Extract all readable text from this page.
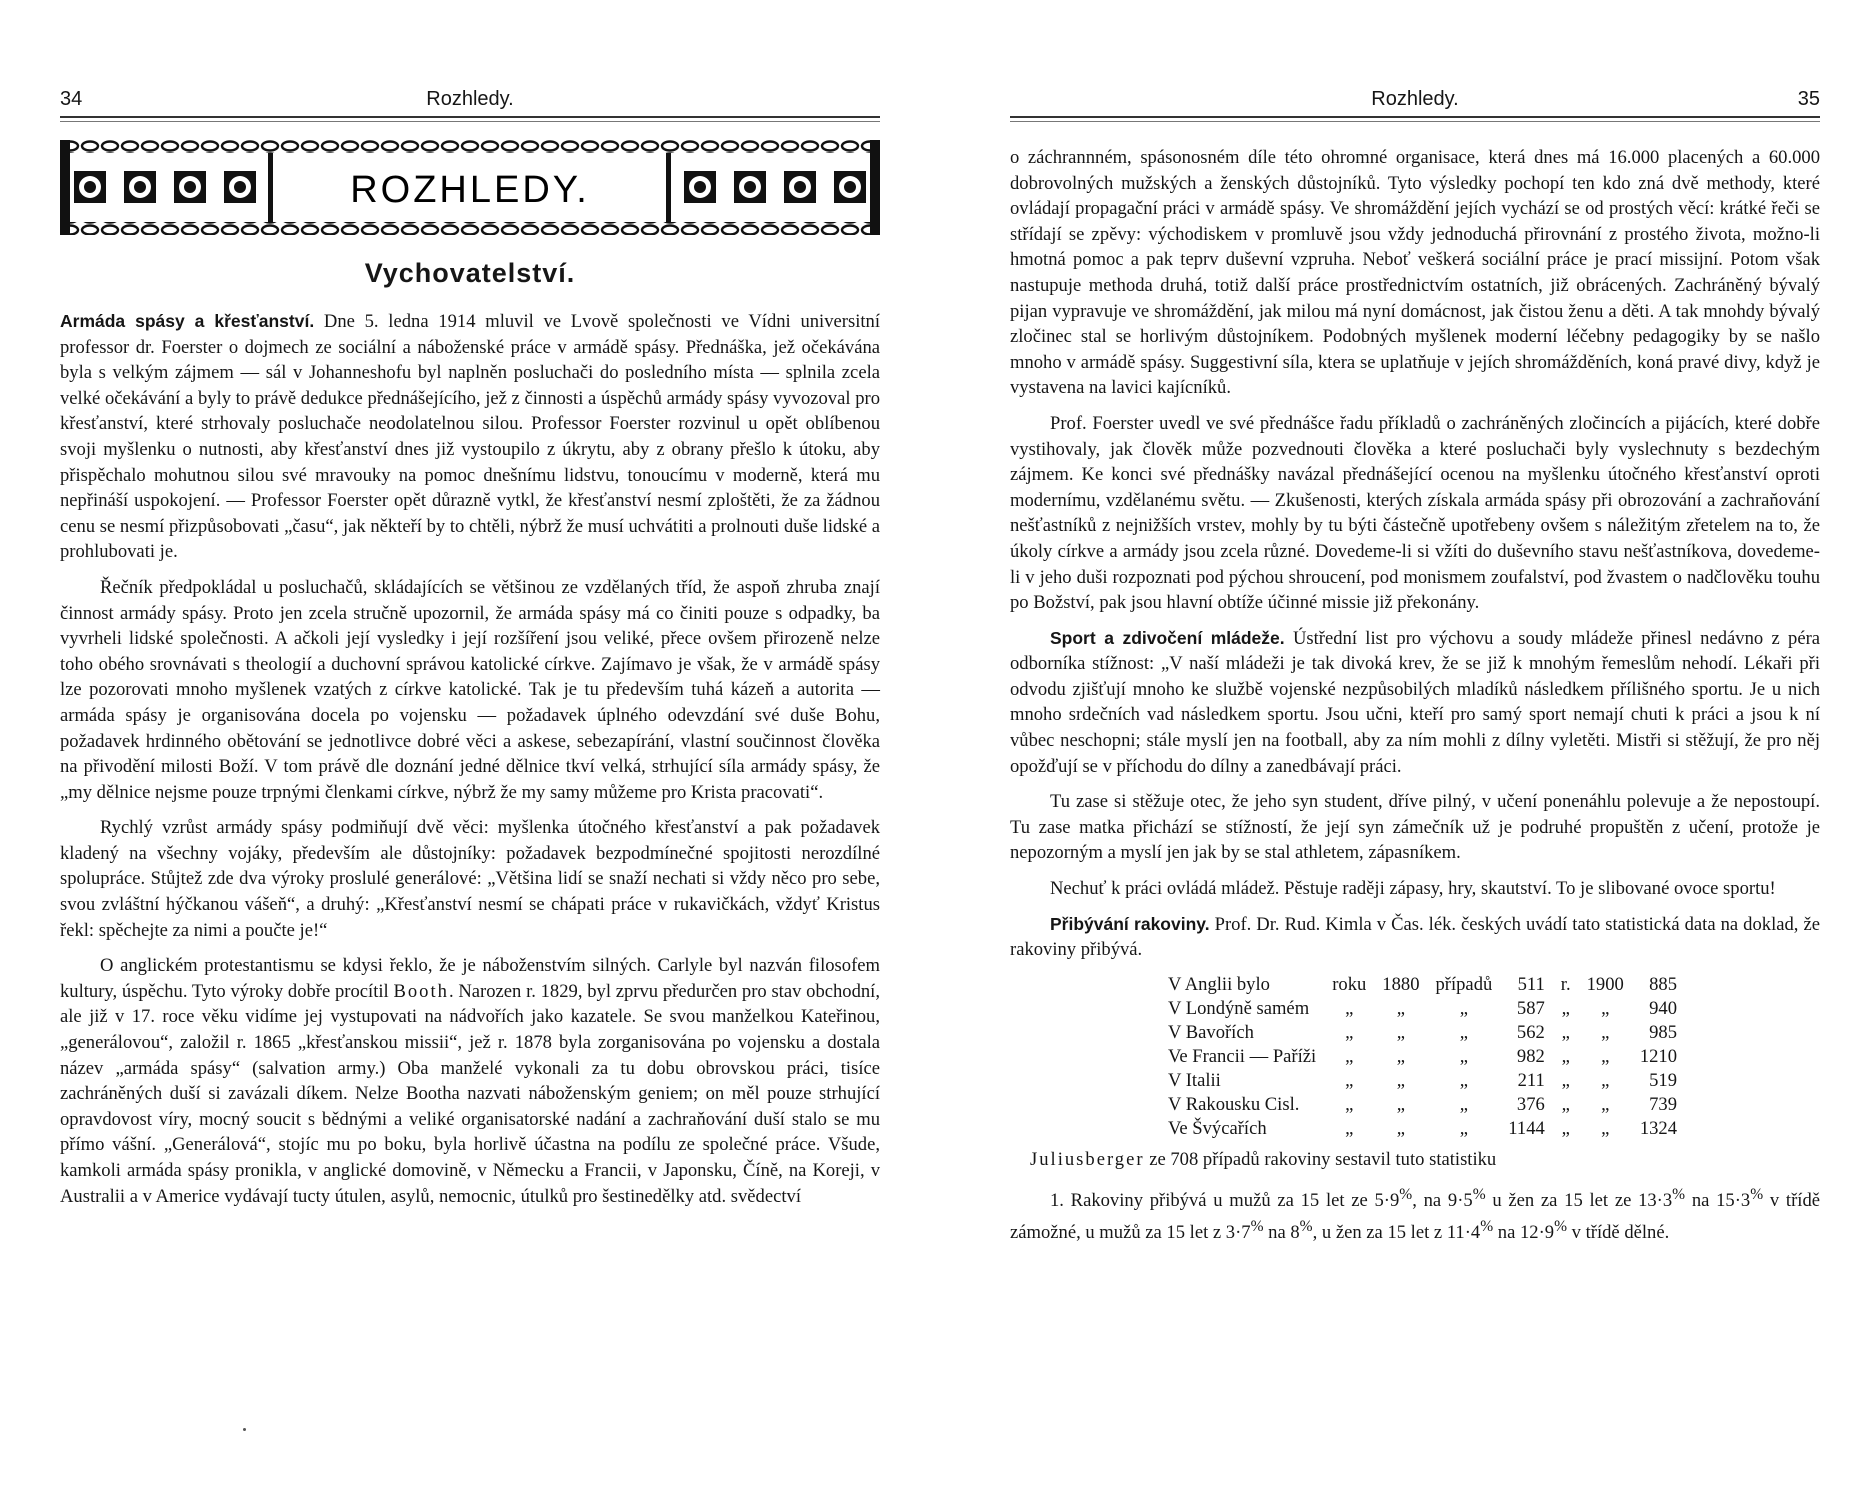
34	Rozhledy.
ROZHLEDY.
Vychovatelství.

Armáda spásy a křesťanství. Dne 5. ledna 1914 mluvil ve Lvově společnosti ve Vídni universitní professor dr. Foerster o dojmech ze sociální a náboženské práce v armádě spásy. Přednáška, jež očekávána byla s velkým zájmem — sál v Johanneshofu byl naplněn posluchači do posledního místa — splnila zcela velké očekávání a byly to právě dedukce přednášejícího, jež z činnosti a úspěchů armády spásy vyvozoval pro křesťanství, které strhovaly posluchače neodolatelnou silou. Professor Foerster rozvinul u opět oblíbenou svoji myšlenku o nutnosti, aby křesťanství dnes již vystoupilo z úkrytu, aby z obrany přešlo k útoku, aby přispěchalo mohutnou silou své mravouky na pomoc dnešnímu lidstvu, tonoucímu v moderně, která mu nepřináší uspokojení. — Professor Foerster opět důrazně vytkl, že křesťanství nesmí zploštěti, že za žádnou cenu se nesmí přizpůsobovati „času“, jak někteří by to chtěli, nýbrž že musí uchvátiti a prolnouti duše lidské a prohlubovati je.

Řečník předpokládal u posluchačů, skládajících se většinou ze vzdělaných tříd, že aspoň zhruba znají činnost armády spásy. Proto jen zcela stručně upozornil, že armáda spásy má co činiti pouze s odpadky, ba vyvrheli lidské společnosti. A ačkoli její vysledky i její rozšíření jsou veliké, přece ovšem přirozeně nelze toho obého srovnávati s theologií a duchovní správou katolické církve. Zajímavo je však, že v armádě spásy lze pozorovati mnoho myšlenek vzatých z církve katolické. Tak je tu především tuhá kázeň a autorita — armáda spásy je organisována docela po vojensku — požadavek úplného odevzdání své duše Bohu, požadavek hrdinného obětování se jednotlivce dobré věci a askese, sebezapírání, vlastní součinnost člověka na přivodění milosti Boží. V tom právě dle doznání jedné dělnice tkví velká, strhující síla armády spásy, že „my dělnice nejsme pouze trpnými členkami církve, nýbrž že my samy můžeme pro Krista pracovati“.

Rychlý vzrůst armády spásy podmiňují dvě věci: myšlenka útočného křesťanství a pak požadavek kladený na všechny vojáky, především ale důstojníky: požadavek bezpodmínečné spojitosti nerozdílné spolupráce. Stůjtež zde dva výroky proslulé generálové: „Většina lidí se snaží nechati si vždy něco pro sebe, svou zvláštní hýčkanou vášeň“, a druhý: „Křesťanství nesmí se chápati práce v rukavičkách, vždyť Kristus řekl: spěchejte za nimi a poučte je!“

O anglickém protestantismu se kdysi řeklo, že je náboženstvím silných. Carlyle byl nazván filosofem kultury, úspěchu. Tyto výroky dobře procítil Booth. Narozen r. 1829, byl zprvu předurčen pro stav obchodní, ale již v 17. roce věku vidíme jej vystupovati na nádvořích jako kazatele. Se svou manželkou Kateřinou, „generálovou“, založil r. 1865 „křesťanskou missii“, jež r. 1878 byla zorganisována po vojensku a dostala název „armáda spásy“ (salvation army.) Oba manželé vykonali za tu dobu obrovskou práci, tisíce zachráněných duší si zavázali díkem. Nelze Bootha nazvati náboženským geniem; on měl pouze strhující opravdovost víry, mocný soucit s bědnými a veliké organisatorské nadání a zachraňování duší stalo se mu přímo vášní. „Generálová“, stojíc mu po boku, byla horlivě účastna na podílu ze společné práce. Všude, kamkoli armáda spásy pronikla, v anglické domovině, v Německu a Francii, v Japonsku, Číně, na Koreji, v Australii a v Americe vydávají tucty útulen, asylů, nemocnic, útulků pro šestinedělky atd. svědectví

Rozhledy.	35

o záchrannném, spásonosném díle této ohromné organisace, která dnes má 16.000 placených a 60.000 dobrovolných mužských a ženských důstojníků. Tyto výsledky pochopí ten kdo zná dvě methody, které ovládají propagační práci v armádě spásy. Ve shromáždění jejích vychází se od prostých věcí: krátké řeči se střídají se zpěvy: východiskem v promluvě jsou vždy jednoduchá přirovnání z prostého života, možno-li hmotná pomoc a pak teprv duševní vzpruha. Neboť veškerá sociální práce je prací missijní. Potom však nastupuje methoda druhá, totiž další práce prostřednictvím ostatních, již obrácených. Zachráněný bývalý pijan vypravuje ve shromáždění, jak milou má nyní domácnost, jak čistou ženu a děti. A tak mnohdy bývalý zločinec stal se horlivým důstojníkem. Podobných myšlenek moderní léčebny pedagogiky by se našlo mnoho v armádě spásy. Suggestivní síla, ktera se uplatňuje v jejích shromážděních, koná pravé divy, když je vystavena na lavici kajícníků.

Prof. Foerster uvedl ve své přednášce řadu příkladů o zachráněných zločincích a pijácích, které dobře vystihovaly, jak člověk může pozvednouti člověka a které posluchači byly vyslechnuty s bezdechým zájmem. Ke konci své přednášky navázal přednášející ocenou na myšlenku útočného křesťanství oproti modernímu, vzdělanému světu. — Zkušenosti, kterých získala armáda spásy při obrozování a zachraňování nešťastníků z nejnižších vrstev, mohly by tu býti částečně upotřebeny ovšem s náležitým zřetelem na to, že úkoly církve a armády jsou zcela různé. Dovedeme-li si vžíti do duševního stavu nešťastníkova, dovedeme-li v jeho duši rozpoznati pod pýchou shroucení, pod monismem zoufalství, pod žvastem o nadčlověku touhu po Božství, pak jsou hlavní obtíže účinné missie již překonány.

Sport a zdivočení mládeže. Ústřední list pro výchovu a soudy mládeže přinesl nedávno z péra odborníka stížnost: „V naší mládeži je tak divoká krev, že se již k mnohým řemeslům nehodí. Lékaři při odvodu zjišťují mnoho ke službě vojenské nezpůsobilých mladíků následkem přílišného sportu. Je u nich mnoho srdečních vad následkem sportu. Jsou učni, kteří pro samý sport nemají chuti k práci a jsou k ní vůbec neschopni; stále myslí jen na football, aby za ním mohli z dílny vyletěti. Mistři si stěžují, že pro něj opožďují se v příchodu do dílny a zanedbávají práci.

Tu zase si stěžuje otec, že jeho syn student, dříve pilný, v učení ponenáhlu polevuje a že nepostoupí. Tu zase matka přichází se stížností, že její syn zámečník už je podruhé propuštěn z učení, protože je nepozorným a myslí jen jak by se stal athletem, zápasníkem.

Nechuť k práci ovládá mládež. Pěstuje raději zápasy, hry, skautství. To je slibované ovoce sportu!

Přibývání rakoviny. Prof. Dr. Rud. Kimla v Čas. lék. českých uvádí tato statistická data na doklad, že rakoviny přibývá.

V Anglii bylo	roku	1880	případů	511	r.	1900	885
V Londýně samém	„	„	„	587	„	„	940
V Bavořích	„	„	„	562	„	„	985
Ve Francii — Paříži	„	„	„	982	„	„	1210
V Italii	„	„	„	211	„	„	519
V Rakousku Cisl.	„	„	„	376	„	„	739
Ve Švýcařích	„	„	„	1144	„	„	1324

Juliusberger ze 708 případů rakoviny sestavil tuto statistiku

1. Rakoviny přibývá u mužů za 15 let ze 5·9%, na 9·5% u žen za 15 let ze 13·3% na 15·3% v třídě zámožné, u mužů za 15 let z 3·7% na 8%, u žen za 15 let z 11·4% na 12·9% v třídě dělné.
